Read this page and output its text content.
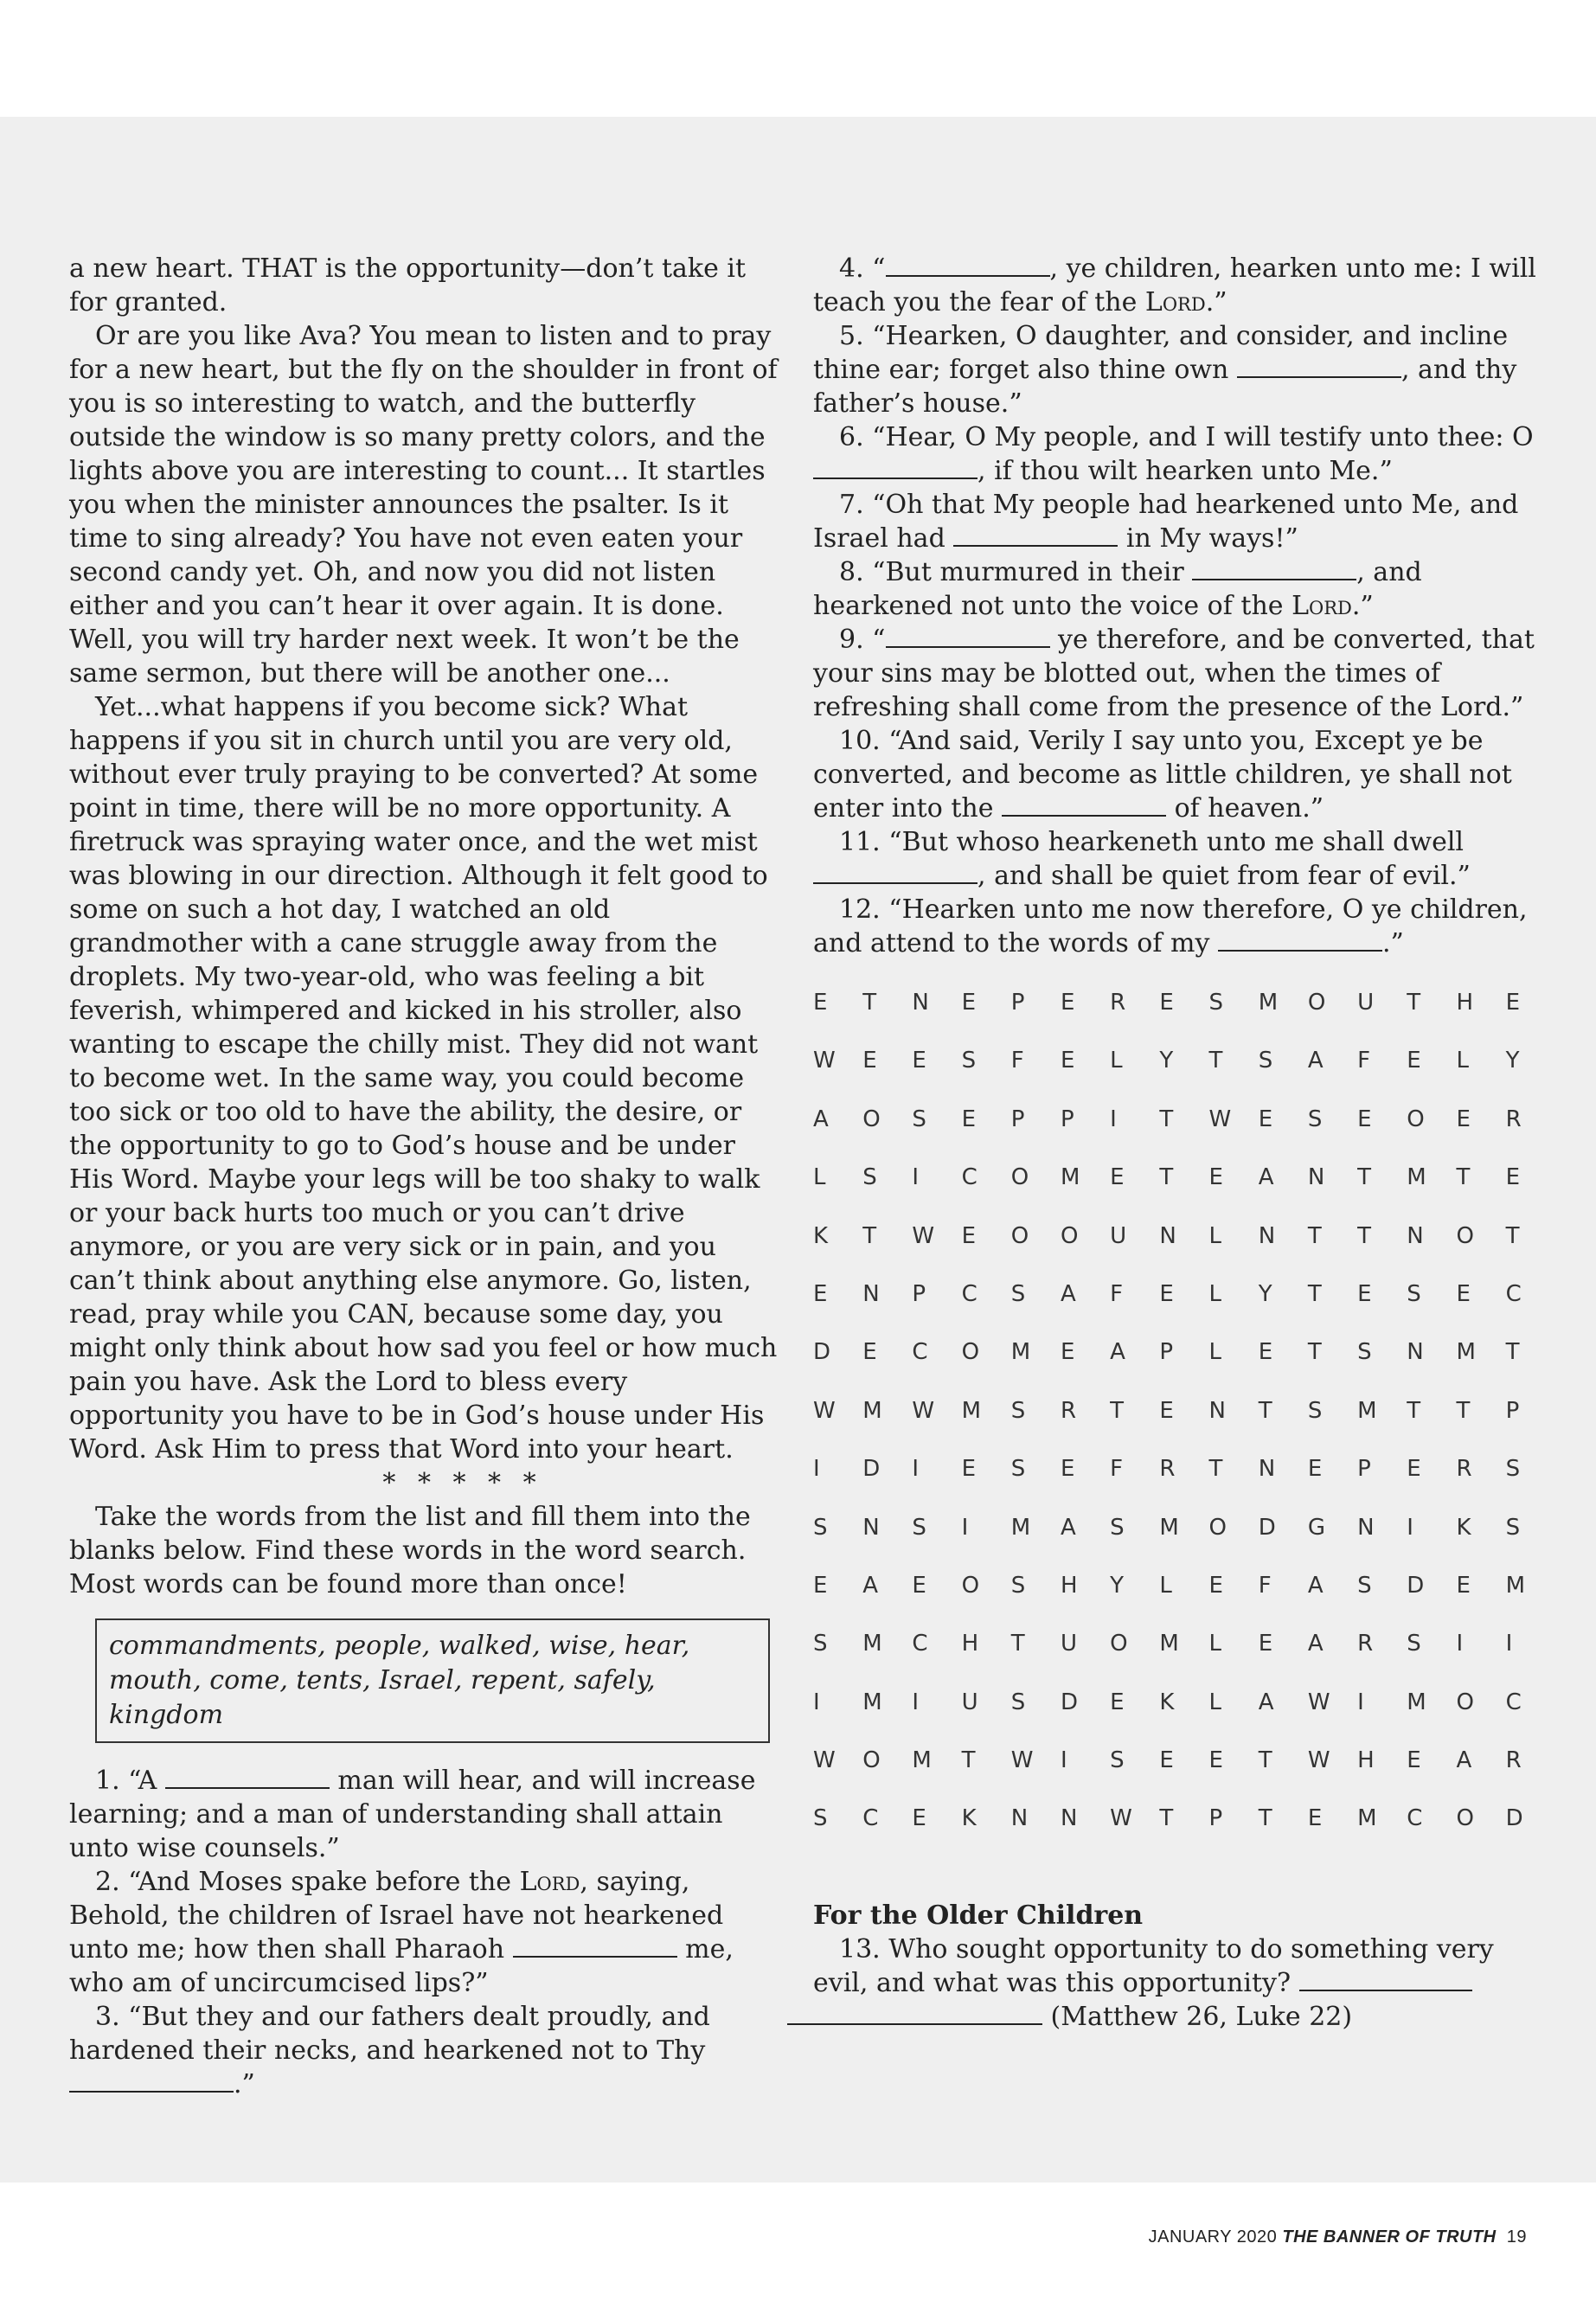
a new heart. THAT is the opportunity—don’t take it for granted.

Or are you like Ava? You mean to listen and to pray for a new heart, but the fly on the shoulder in front of you is so interesting to watch, and the butterfly outside the window is so many pretty colors, and the lights above you are interesting to count... It startles you when the minister announces the psalter. Is it time to sing already? You have not even eaten your second candy yet. Oh, and now you did not listen either and you can’t hear it over again. It is done. Well, you will try harder next week. It won’t be the same sermon, but there will be another one...

Yet...what happens if you become sick? What happens if you sit in church until you are very old, without ever truly praying to be converted? At some point in time, there will be no more opportunity. A firetruck was spraying water once, and the wet mist was blowing in our direction. Although it felt good to some on such a hot day, I watched an old grandmother with a cane struggle away from the droplets. My two-year-old, who was feeling a bit feverish, whimpered and kicked in his stroller, also wanting to escape the chilly mist. They did not want to become wet. In the same way, you could become too sick or too old to have the ability, the desire, or the opportunity to go to God’s house and be under His Word. Maybe your legs will be too shaky to walk or your back hurts too much or you can’t drive anymore, or you are very sick or in pain, and you can’t think about anything else anymore. Go, listen, read, pray while you CAN, because some day, you might only think about how sad you feel or how much pain you have. Ask the Lord to bless every opportunity you have to be in God’s house under His Word. Ask Him to press that Word into your heart.

* * * * *

Take the words from the list and fill them into the blanks below. Find these words in the word search. Most words can be found more than once!

commandments, people, walked, wise, hear, mouth, come, tents, Israel, repent, safely, kingdom

1. “A	man will hear, and will increase learning; and a man of understanding shall attain unto wise counsels.”

2. “And Moses spake before the Lord, saying, Behold, the children of Israel have not hearkened unto me; how then shall Pharaoh	me, who am of uncircumcised lips?”

3. “But they and our fathers dealt proudly, and hardened their necks, and hearkened not to Thy .”

4. “	, ye children, hearken unto me: I will teach you the fear of the Lord.”

5. “Hearken, O daughter, and consider, and incline thine ear; forget also thine own	, and thy father’s house.”

6. “Hear, O My people, and I will testify unto thee: O , if thou wilt hearken unto Me.”

7. “Oh that My people had hearkened unto Me, and Israel had	in My ways!”

8. “But murmured in their	, and hearkened not unto the voice of the Lord.”

9. “	ye therefore, and be converted, that your sins may be blotted out, when the times of refreshing shall come from the presence of the Lord.”

10. “And said, Verily I say unto you, Except ye be converted, and become as little children, ye shall not enter into the	of heaven.”

11. “But whoso hearkeneth unto me shall dwell , and shall be quiet from fear of evil.”

12. “Hearken unto me now therefore, O ye children, and attend to the words of my	.”

E	T	N	E	P	E	R	E	S	M	O	U	T	H	E
W	E	E	S	F	E	L	Y	T	S	A	F	E	L	Y
A	O	S	E	P	P	I	T	W	E	S	E	O	E	R
L	S	I	C	O	M	E	T	E	A	N	T	M	T	E
K	T	W	E	O	O	U	N	L	N	T	T	N	O	T
E	N	P	C	S	A	F	E	L	Y	T	E	S	E	C
D	E	C	O	M	E	A	P	L	E	T	S	N	M	T
W	M	W	M	S	R	T	E	N	T	S	M	T	T	P
I	D	I	E	S	E	F	R	T	N	E	P	E	R	S
S	N	S	I	M	A	S	M	O	D	G	N	I	K	S
E	A	E	O	S	H	Y	L	E	F	A	S	D	E	M
S	M	C	H	T	U	O	M	L	E	A	R	S	I	I
I	M	I	U	S	D	E	K	L	A	W	I	M	O	C
W	O	M	T	W	I	S	E	E	T	W	H	E	A	R
S	C	E	K	N	N	W	T	P	T	E	M	C	O	D

For the Older Children

13. Who sought opportunity to do something very evil, and what was this opportunity?   (Matthew 26, Luke 22)

JANUARY 2020 THE BANNER OF TRUTH 19
